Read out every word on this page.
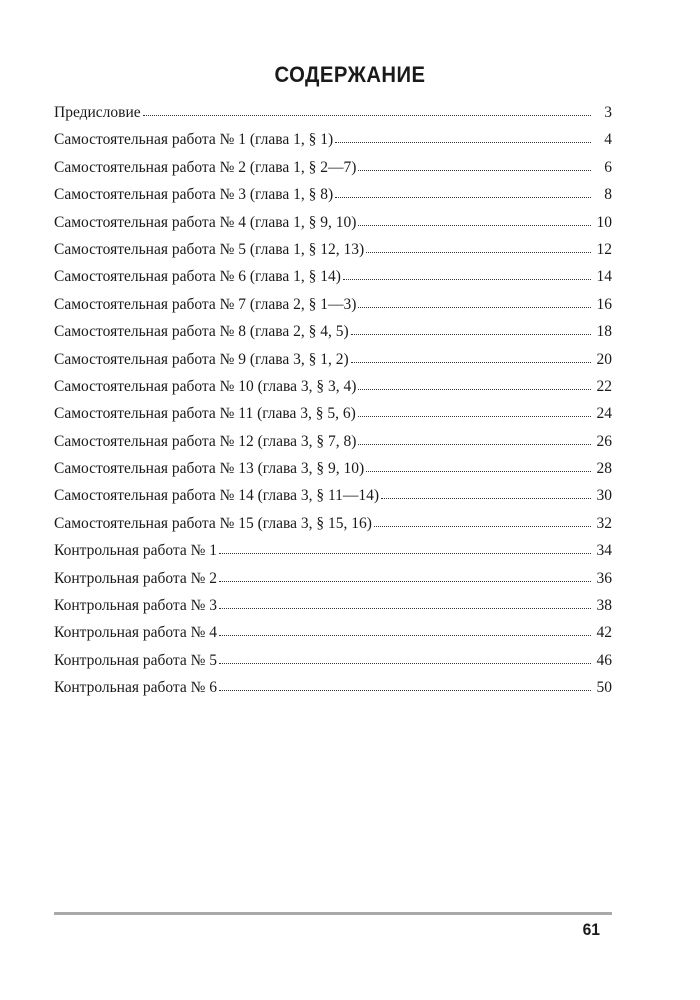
СОДЕРЖАНИЕ
Предисловие	3
Самостоятельная работа № 1 (глава 1, § 1)	4
Самостоятельная работа № 2 (глава 1, § 2—7)	6
Самостоятельная работа № 3 (глава 1, § 8)	8
Самостоятельная работа № 4 (глава 1, § 9, 10)	10
Самостоятельная работа № 5 (глава 1, § 12, 13)	12
Самостоятельная работа № 6 (глава 1, § 14)	14
Самостоятельная работа № 7 (глава 2, § 1—3)	16
Самостоятельная работа № 8 (глава 2, § 4, 5)	18
Самостоятельная работа № 9 (глава 3, § 1, 2)	20
Самостоятельная работа № 10 (глава 3, § 3, 4)	22
Самостоятельная работа № 11 (глава 3, § 5, 6)	24
Самостоятельная работа № 12 (глава 3, § 7, 8)	26
Самостоятельная работа № 13 (глава 3, § 9, 10)	28
Самостоятельная работа № 14 (глава 3, § 11—14)	30
Самостоятельная работа № 15 (глава 3, § 15, 16)	32
Контрольная работа № 1	34
Контрольная работа № 2	36
Контрольная работа № 3	38
Контрольная работа № 4	42
Контрольная работа № 5	46
Контрольная работа № 6	50
61
